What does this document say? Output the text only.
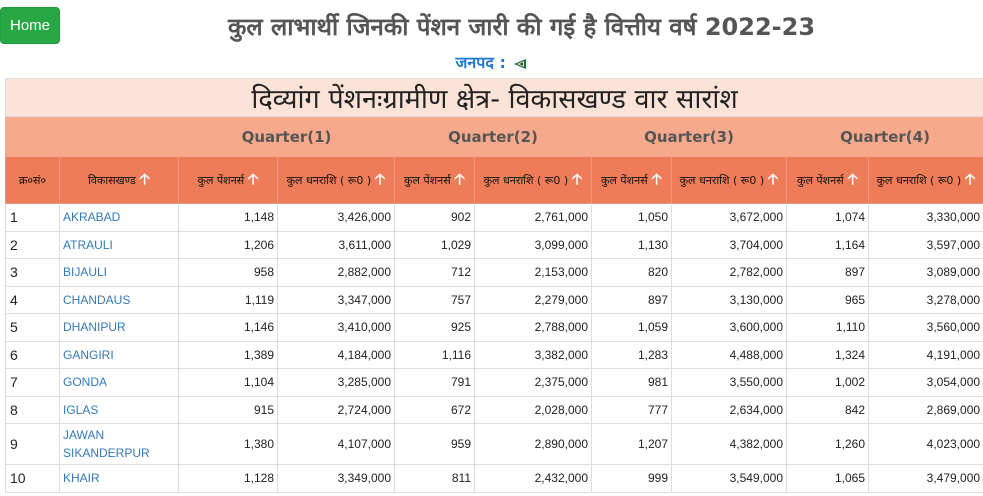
Home	कुल लाभार्थी जिनकी पेंशन जारी की गई है वित्तीय वर्ष 2022-23
जनपद :
दिव्यांग पेंशनःग्रामीण क्षेत्र- विकासखण्ड वार सारांश									
		Quarter(1)		Quarter(2)		Quarter(3)		Quarter(4)	
क्र०सं०	विकासखण्ड 🡡	कुल पेंशनर्स 🡡	कुल धनराशि ( रू0 ) 🡡	कुल पेंशनर्स 🡡	कुल धनराशि ( रू0 ) 🡡	कुल पेंशनर्स 🡡	कुल धनराशि ( रू0 ) 🡡	कुल पेंशनर्स 🡡	कुल धनराशि ( रू0 ) 🡡
1	AKRABAD	1,148	3,426,000	902	2,761,000	1,050	3,672,000	1,074	3,330,000
2	ATRAULI	1,206	3,611,000	1,029	3,099,000	1,130	3,704,000	1,164	3,597,000
3	BIJAULI	958	2,882,000	712	2,153,000	820	2,782,000	897	3,089,000
4	CHANDAUS	1,119	3,347,000	757	2,279,000	897	3,130,000	965	3,278,000
5	DHANIPUR	1,146	3,410,000	925	2,788,000	1,059	3,600,000	1,110	3,560,000
6	GANGIRI	1,389	4,184,000	1,116	3,382,000	1,283	4,488,000	1,324	4,191,000
7	GONDA	1,104	3,285,000	791	2,375,000	981	3,550,000	1,002	3,054,000
8	IGLAS	915	2,724,000	672	2,028,000	777	2,634,000	842	2,869,000
9	JAWAN SIKANDERPUR	1,380	4,107,000	959	2,890,000	1,207	4,382,000	1,260	4,023,000
10	KHAIR	1,128	3,349,000	811	2,432,000	999	3,549,000	1,065	3,479,000
